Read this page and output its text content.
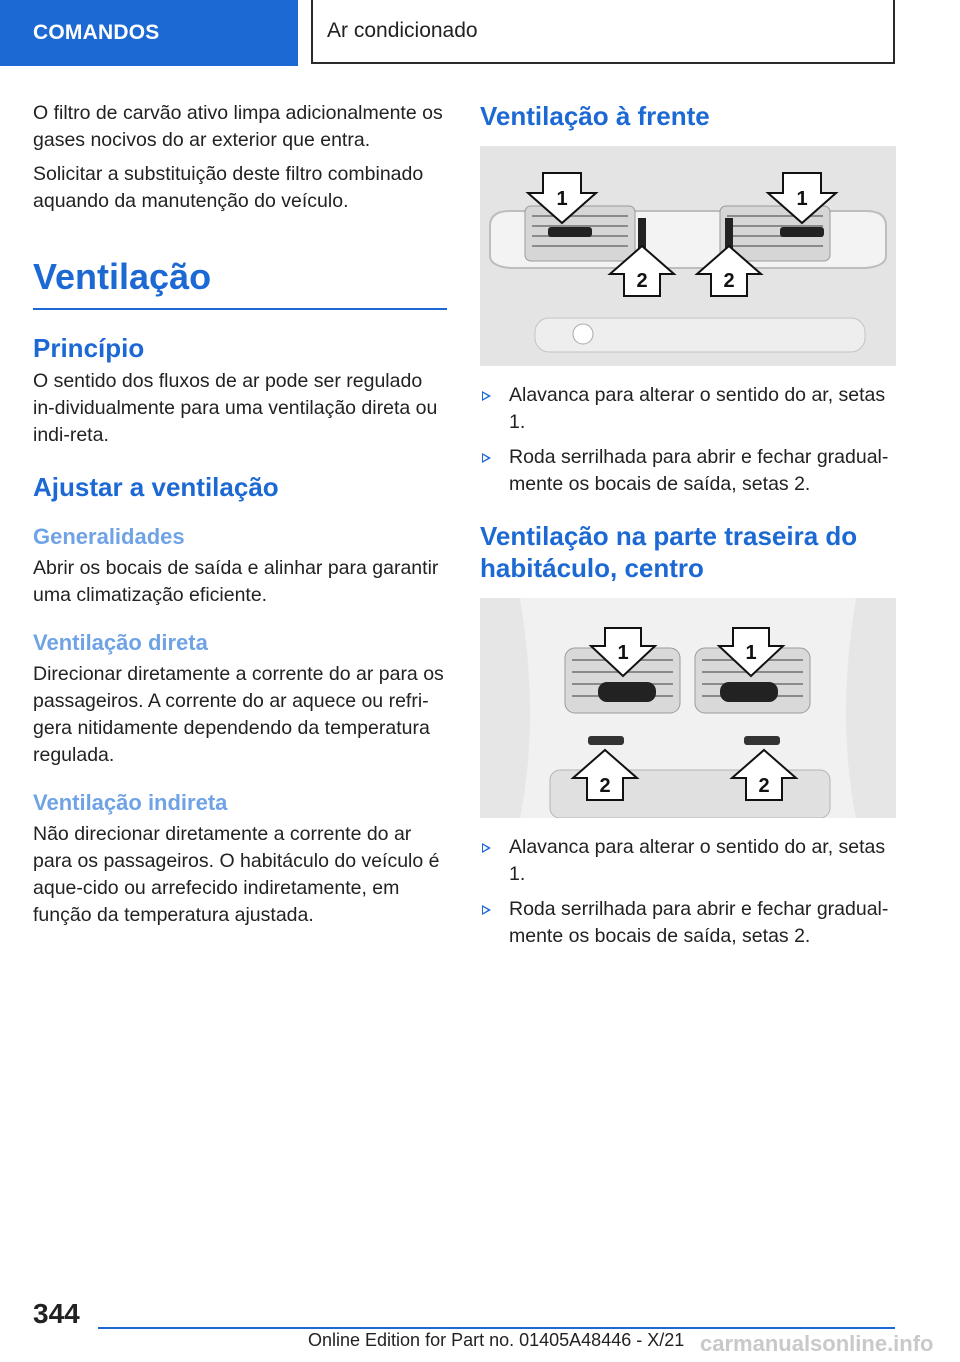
COMANDOS	Ar condicionado

O filtro de carvão ativo limpa adicionalmente os gases nocivos do ar exterior que entra.

Solicitar a substituição deste filtro combinado aquando da manutenção do veículo.

Ventilação
Princípio

O sentido dos fluxos de ar pode ser regulado in-dividualmente para uma ventilação direta ou indi-reta.

Ajustar a ventilação
Generalidades

Abrir os bocais de saída e alinhar para garantir uma climatização eficiente.

Ventilação direta

Direcionar diretamente a corrente do ar para os passageiros. A corrente do ar aquece ou refri-gera nitidamente dependendo da temperatura regulada.

Ventilação indireta

Não direcionar diretamente a corrente do ar para os passageiros. O habitáculo do veículo é aque-cido ou arrefecido indiretamente, em função da temperatura ajustada.

Ventilação à frente
1	1
2	2
Alavanca para alterar o sentido do ar, setas 1.
Roda serrilhada para abrir e fechar gradual-mente os bocais de saída, setas 2.
Ventilação na parte traseira do habitáculo, centro
1	1
2	2
Alavanca para alterar o sentido do ar, setas 1.
Roda serrilhada para abrir e fechar gradual-mente os bocais de saída, setas 2.
344
Online Edition for Part no. 01405A48446 - X/21 carmanualsonline.info
